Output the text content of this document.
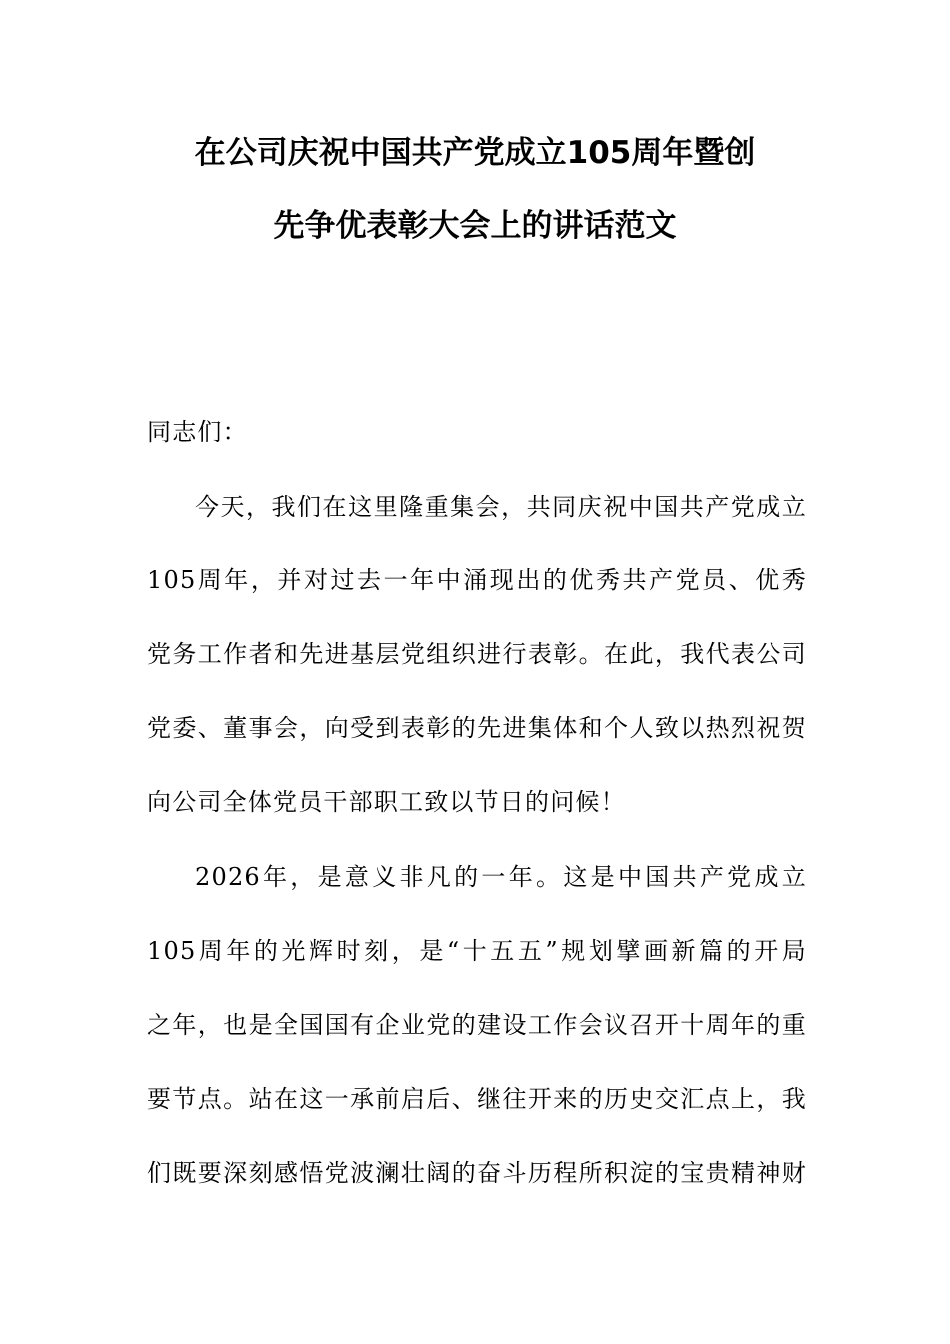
在公司庆祝中国共产党成立105周年暨创
先争优表彰大会上的讲话范文
同志们：
今天，我们在这里隆重集会，共同庆祝中国共产党成立
105周年，并对过去一年中涌现出的优秀共产党员、优秀
党务工作者和先进基层党组织进行表彰。在此，我代表公司
党委、董事会，向受到表彰的先进集体和个人致以热烈祝贺
向公司全体党员干部职工致以节日的问候！
2026年，是意义非凡的一年。这是中国共产党成立
105周年的光辉时刻，是“十五五”规划擘画新篇的开局
之年，也是全国国有企业党的建设工作会议召开十周年的重
要节点。站在这一承前启后、继往开来的历史交汇点上，我
们既要深刻感悟党波澜壮阔的奋斗历程所积淀的宝贵精神财
